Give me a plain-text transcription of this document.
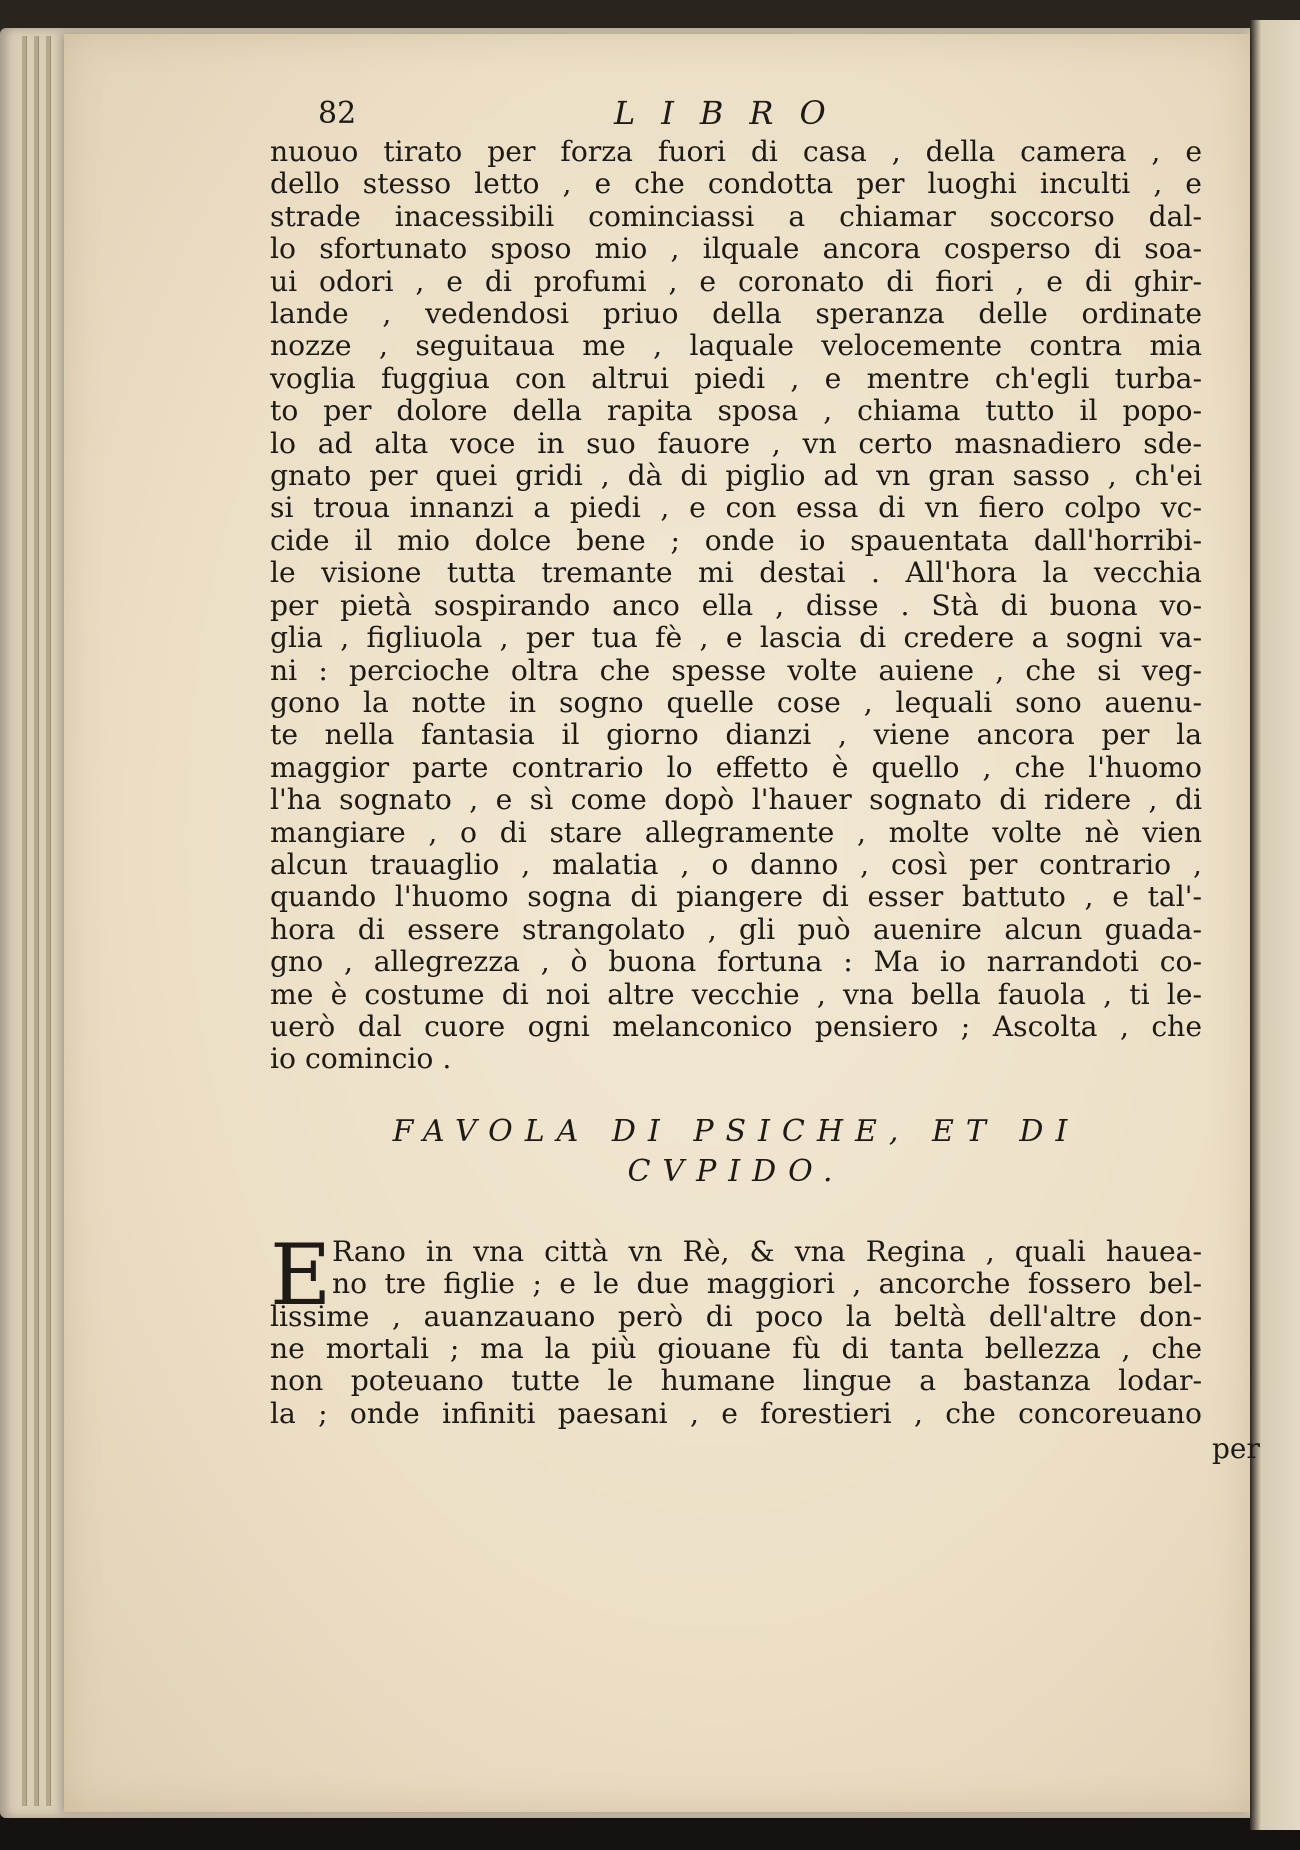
82	LIBRO
nuouo tirato per forza fuori di casa , della camera , e
dello stesso letto , e che condotta per luoghi inculti , e
strade inacessibili cominciassi a chiamar soccorso dal-
lo sfortunato sposo mio , ilquale ancora cosperso di soa-
ui odori , e di profumi , e coronato di fiori , e di ghir-
lande , vedendosi priuo della speranza delle ordinate
nozze , seguitaua me , laquale velocemente contra mia
voglia fuggiua con altrui piedi , e mentre ch'egli turba-
to per dolore della rapita sposa , chiama tutto il popo-
lo ad alta voce in suo fauore , vn certo masnadiero sde-
gnato per quei gridi , dà di piglio ad vn gran sasso , ch'ei
si troua innanzi a piedi , e con essa di vn fiero colpo vc-
cide il mio dolce bene ; onde io spauentata dall'horribi-
le visione tutta tremante mi destai . All'hora la vecchia
per pietà sospirando anco ella , disse . Stà di buona vo-
glia , figliuola , per tua fè , e lascia di credere a sogni va-
ni : percioche oltra che spesse volte auiene , che si veg-
gono la notte in sogno quelle cose , lequali sono auenu-
te nella fantasia il giorno dianzi , viene ancora per la
maggior parte contrario lo effetto è quello , che l'huomo
l'ha sognato , e sì come dopò l'hauer sognato di ridere , di
mangiare , o di stare allegramente , molte volte nè vien
alcun trauaglio , malatia , o danno , così per contrario ,
quando l'huomo sogna di piangere di esser battuto , e tal'-
hora di essere strangolato , gli può auenire alcun guada-
gno , allegrezza , ò buona fortuna : Ma io narrandoti co-
me è costume di noi altre vecchie , vna bella fauola , ti le-
uerò dal cuore ogni melanconico pensiero ; Ascolta , che
io comincio .
FAVOLA DI PSICHE, ET DI
CVPIDO.
E Rano in vna città vn Rè, & vna Regina , quali hauea-
no tre figlie ; e le due maggiori , ancorche fossero bel-
lissime , auanzauano però di poco la beltà dell'altre don-
ne mortali ; ma la più giouane fù di tanta bellezza , che
non poteuano tutte le humane lingue a bastanza lodar-
la ; onde infiniti paesani , e forestieri , che concoreuano
per
